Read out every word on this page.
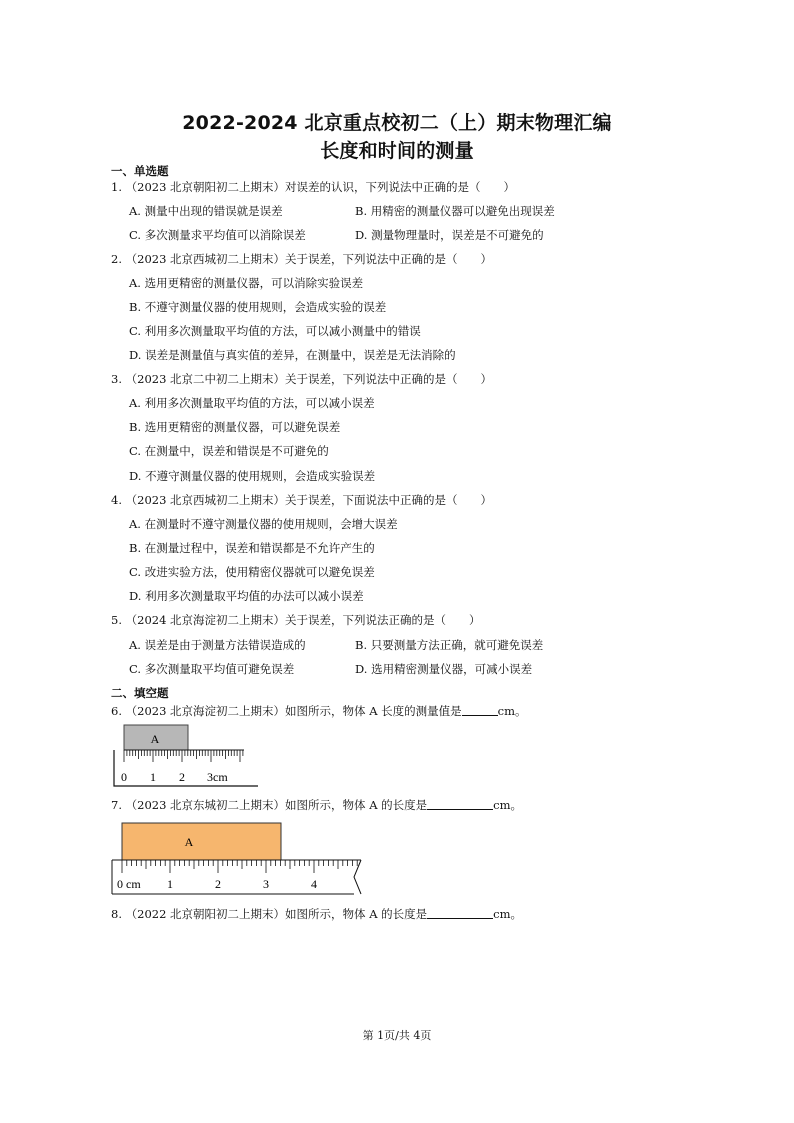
2022-2024 北京重点校初二（上）期末物理汇编
长度和时间的测量
一、单选题
1. （2023 北京朝阳初二上期末）对误差的认识，下列说法中正确的是（　　）
A. 测量中出现的错误就是误差	B. 用精密的测量仪器可以避免出现误差
C. 多次测量求平均值可以消除误差	D. 测量物理量时，误差是不可避免的
2. （2023 北京西城初二上期末）关于误差，下列说法中正确的是（　　）
A. 选用更精密的测量仪器，可以消除实验误差
B. 不遵守测量仪器的使用规则，会造成实验的误差
C. 利用多次测量取平均值的方法，可以减小测量中的错误
D. 误差是测量值与真实值的差异，在测量中，误差是无法消除的
3. （2023 北京二中初二上期末）关于误差，下列说法中正确的是（　　）
A. 利用多次测量取平均值的方法，可以减小误差
B. 选用更精密的测量仪器，可以避免误差
C. 在测量中，误差和错误是不可避免的
D. 不遵守测量仪器的使用规则，会造成实验误差
4. （2023 北京西城初二上期末）关于误差，下面说法中正确的是（　　）
A. 在测量时不遵守测量仪器的使用规则，会增大误差
B. 在测量过程中，误差和错误都是不允许产生的
C. 改进实验方法，使用精密仪器就可以避免误差
D. 利用多次测量取平均值的办法可以减小误差
5. （2024 北京海淀初二上期末）关于误差，下列说法正确的是（　　）
A. 误差是由于测量方法错误造成的	B. 只要测量方法正确，就可避免误差
C. 多次测量取平均值可避免误差	D. 选用精密测量仪器，可减小误差
二、填空题
6. （2023 北京海淀初二上期末）如图所示，物体 A 长度的测量值是	cm。
A
0 1 2 3cm
7. （2023 北京东城初二上期末）如图所示，物体 A 的长度是	cm。
A
0 cm 1	2	3	4
8. （2022 北京朝阳初二上期末）如图所示，物体 A 的长度是	cm。
第 1页/共 4页
